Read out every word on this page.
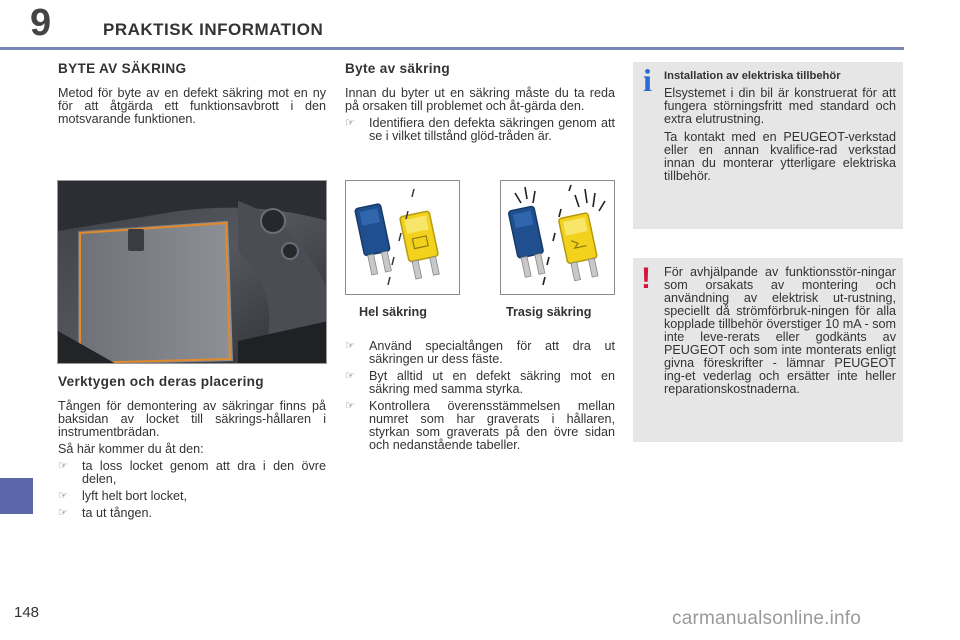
9	PRAKTISK INFORMATION
148	carmanualsonline.info
BYTE AV SÄKRING

Metod för byte av en defekt säkring mot en ny för att åtgärda ett funktionsavbrott i den motsvarande funktionen.

Verktygen och deras placering

Tången för demontering av säkringar finns på baksidan av locket till säkrings-hållaren i instrumentbrädan.

Så här kommer du åt den:

☞ ta loss locket genom att dra i den övre delen,
☞ lyft helt bort locket,
☞ ta ut tången.
Byte av säkring

Innan du byter ut en säkring måste du ta reda på orsaken till problemet och åt-gärda den.

☞ Identifiera den defekta säkringen genom att se i vilket tillstånd glöd-tråden är.
Hel säkring	Trasig säkring
☞ Använd specialtången för att dra ut säkringen ur dess fäste.
☞ Byt alltid ut en defekt säkring mot en säkring med samma styrka.
☞ Kontrollera överensstämmelsen mellan numret som har graverats i hållaren, styrkan som graverats på den övre sidan och nedanstående tabeller.
i Installation av elektriska tillbehör

Elsystemet i din bil är konstruerat för att fungera störningsfritt med standard och extra elutrustning.

Ta kontakt med en PEUGEOT-verkstad eller en annan kvalifice-rad verkstad innan du monterar ytterligare elektriska tillbehör.

! För avhjälpande av funktionsstör-ningar som orsakats av montering och användning av elektrisk ut-rustning, speciellt då strömförbruk-ningen för alla kopplade tillbehör överstiger 10 mA - som inte leve-rerats eller godkänts av PEUGEOT och som inte monterats enligt givna föreskrifter - lämnar PEUGEOT ing-et vederlag och ersätter inte heller reparationskostnaderna.
